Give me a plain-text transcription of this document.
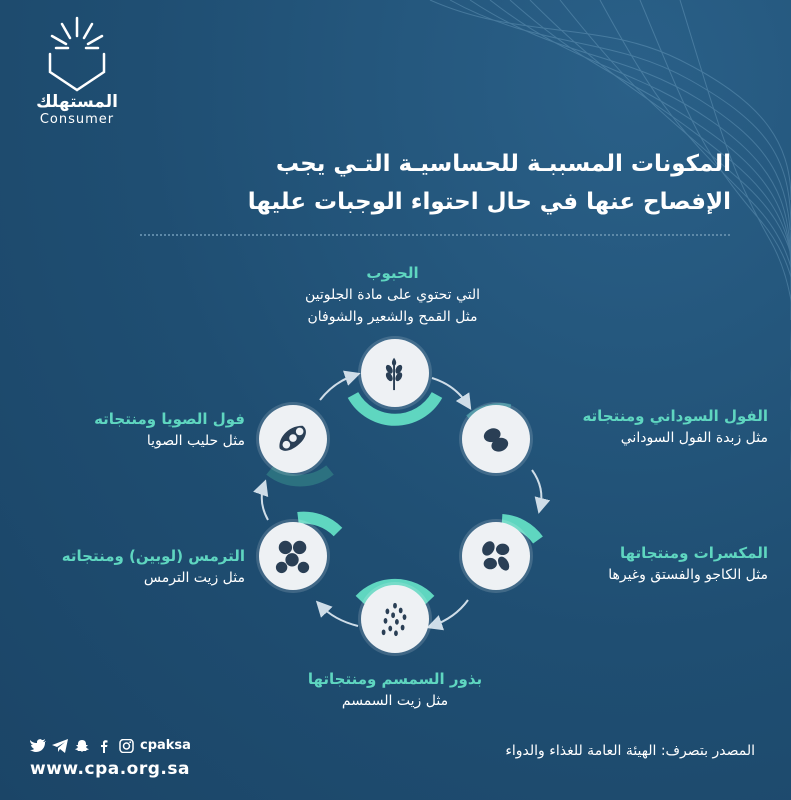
المستهلك
Consumer
المكونات المسببـة للحساسيـة التـي يجب
الإفصاح عنها في حال احتواء الوجبات عليها
الحبوب
التي تحتوي على مادة الجلوتين
مثل القمح والشعير والشوفان
الفول السوداني ومنتجاته
مثل زبدة الفول السوداني
المكسرات ومنتجاتها
مثل الكاجو والفستق وغيرها
بذور السمسم ومنتجاتها
مثل زيت السمسم
الترمس (لوبين) ومنتجاته
مثل زيت الترمس
فول الصويا ومنتجاته
مثل حليب الصويا
cpaksa
www.cpa.org.sa
المصدر بتصرف: الهيئة العامة للغذاء والدواء
